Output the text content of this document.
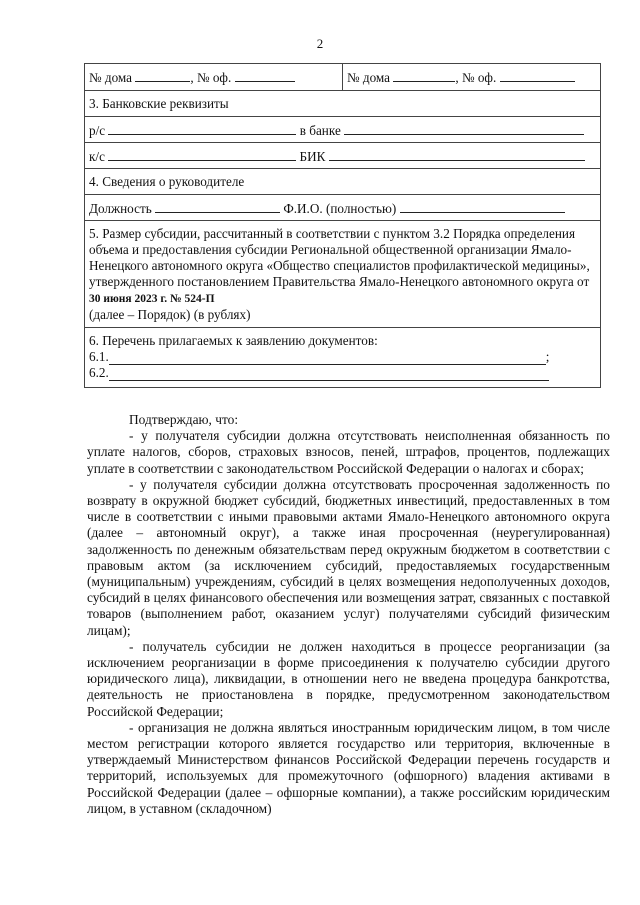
2
№ дома	, № оф.	№ дома	, № оф.
3. Банковские реквизиты
р/с	в банке
к/с	БИК
4. Сведения о руководителе
Должность	Ф.И.О. (полностью)

5. Размер субсидии, рассчитанный в соответствии с пунктом 3.2 Порядка определения объема и предоставления субсидии Региональной общественной организации Ямало-Ненецкого автономного округа «Общество специалистов профилактической медицины», утвержденного постановлением Правительства Ямало-Ненецкого автономного округа от 30 июня 2023 г. № 524-П
(далее – Порядок) (в рублях)

6. Перечень прилагаемых к заявлению документов:

6.1.	;
6.2.

Подтверждаю, что:

- у получателя субсидии должна отсутствовать неисполненная обязанность по уплате налогов, сборов, страховых взносов, пеней, штрафов, процентов, подлежащих уплате в соответствии с законодательством Российской Федерации о налогах и сборах;

- у получателя субсидии должна отсутствовать просроченная задолженность по возврату в окружной бюджет субсидий, бюджетных инвестиций, предоставленных в том числе в соответствии с иными правовыми актами Ямало-Ненецкого автономного округа (далее – автономный округ), а также иная просроченная (неурегулированная) задолженность по денежным обязательствам перед окружным бюджетом в соответствии с правовым актом (за исключением субсидий, предоставляемых государственным (муниципальным) учреждениям, субсидий в целях возмещения недополученных доходов, субсидий в целях финансового обеспечения или возмещения затрат, связанных с поставкой товаров (выполнением работ, оказанием услуг) получателями субсидий физическим лицам);

- получатель субсидии не должен находиться в процессе реорганизации (за исключением реорганизации в форме присоединения к получателю субсидии другого юридического лица), ликвидации, в отношении него не введена процедура банкротства, деятельность не приостановлена в порядке, предусмотренном законодательством Российской Федерации;

- организация не должна являться иностранным юридическим лицом, в том числе местом регистрации которого является государство или территория, включенные в утверждаемый Министерством финансов Российской Федерации перечень государств и территорий, используемых для промежуточного (офшорного) владения активами в Российской Федерации (далее – офшорные компании), а также российским юридическим лицом, в уставном (складочном)
